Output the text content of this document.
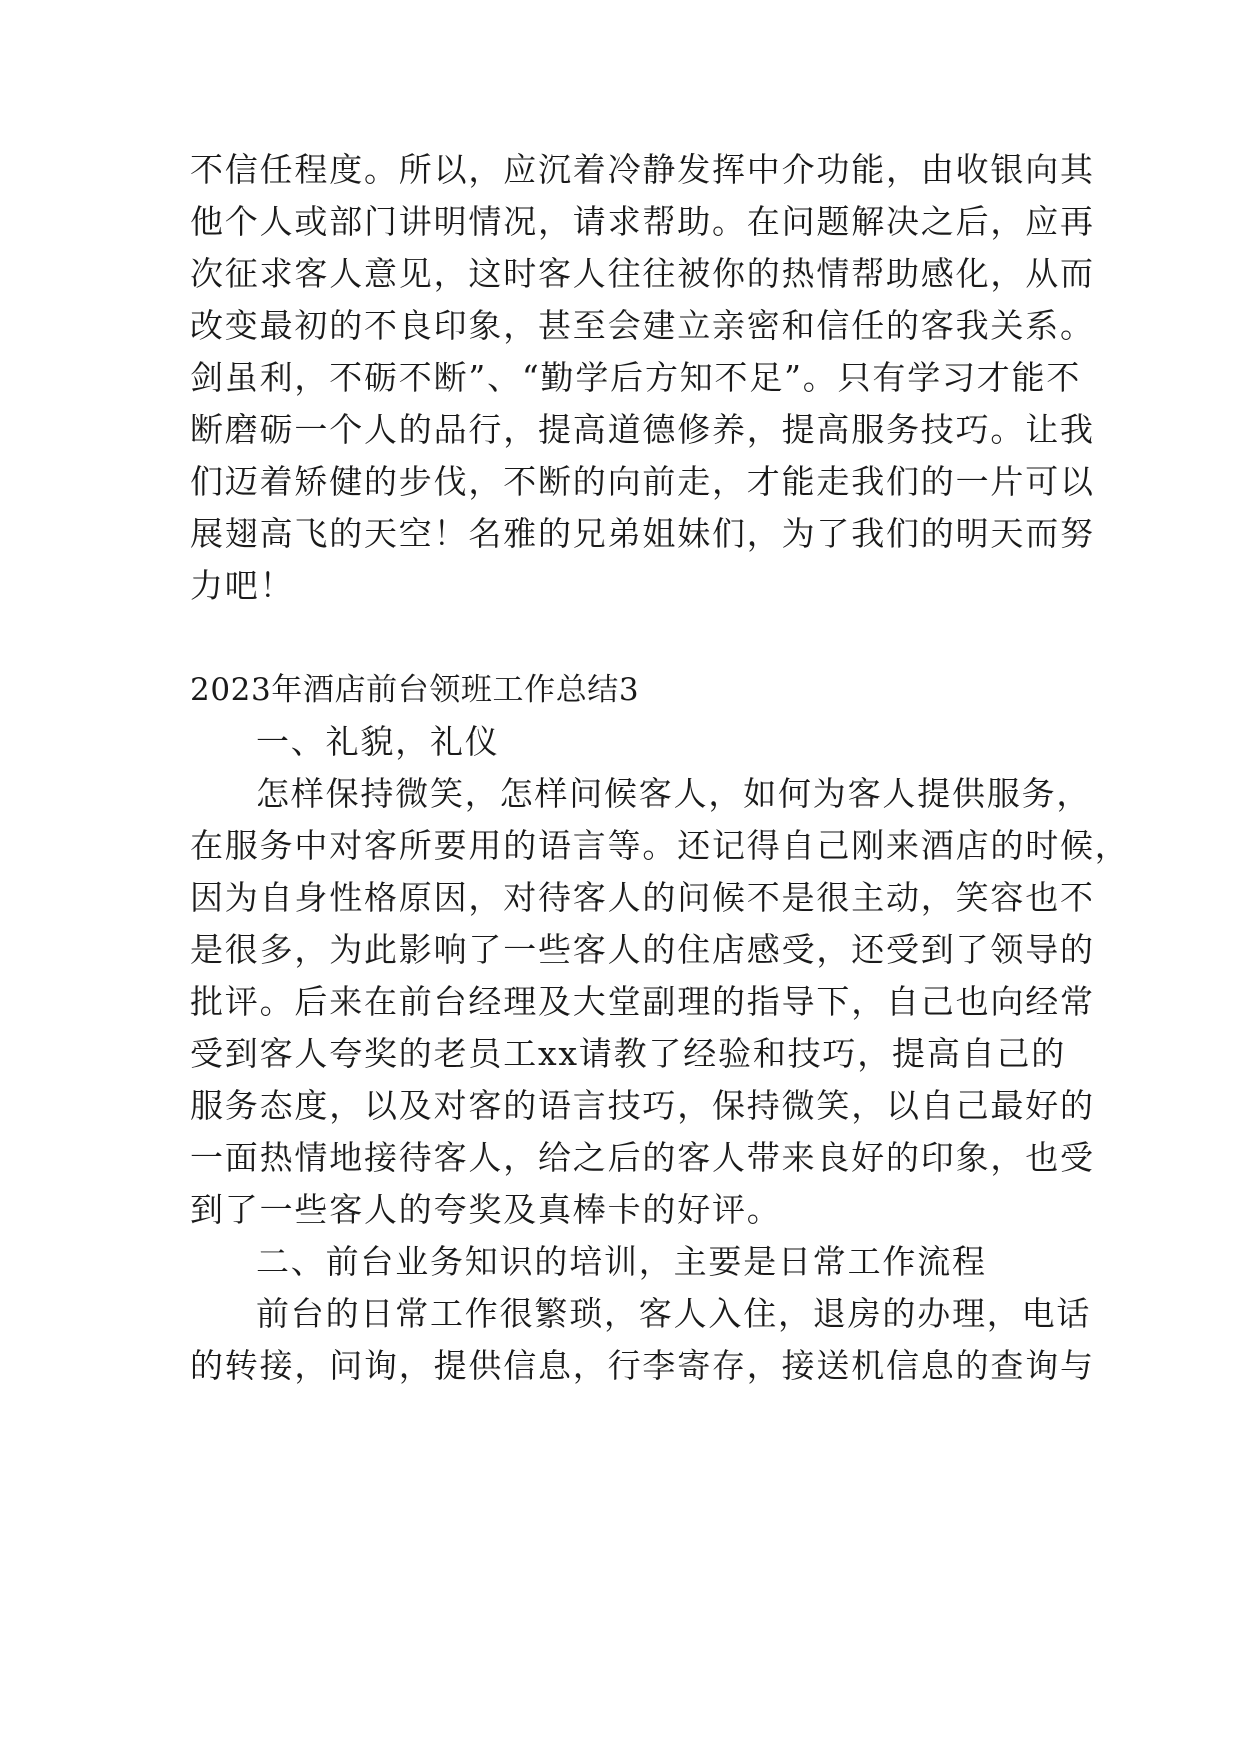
不信任程度。所以，应沉着冷静发挥中介功能，由收银向其
他个人或部门讲明情况，请求帮助。在问题解决之后，应再
次征求客人意见，这时客人往往被你的热情帮助感化，从而
改变最初的不良印象，甚至会建立亲密和信任的客我关系。
剑虽利，不砺不断”、“勤学后方知不足”。只有学习才能不
断磨砺一个人的品行，提高道德修养，提高服务技巧。让我
们迈着矫健的步伐，不断的向前走，才能走我们的一片可以
展翅高飞的天空！名雅的兄弟姐妹们，为了我们的明天而努
力吧！
2023年酒店前台领班工作总结3
一、礼貌，礼仪
怎样保持微笑，怎样问候客人，如何为客人提供服务，
在服务中对客所要用的语言等。还记得自己刚来酒店的时候，
因为自身性格原因，对待客人的问候不是很主动，笑容也不
是很多，为此影响了一些客人的住店感受，还受到了领导的
批评。后来在前台经理及大堂副理的指导下，自己也向经常
受到客人夸奖的老员工xx请教了经验和技巧，提高自己的
服务态度，以及对客的语言技巧，保持微笑，以自己最好的
一面热情地接待客人，给之后的客人带来良好的印象，也受
到了一些客人的夸奖及真棒卡的好评。
二、前台业务知识的培训，主要是日常工作流程
前台的日常工作很繁琐，客人入住，退房的办理，电话
的转接，问询，提供信息，行李寄存，接送机信息的查询与
